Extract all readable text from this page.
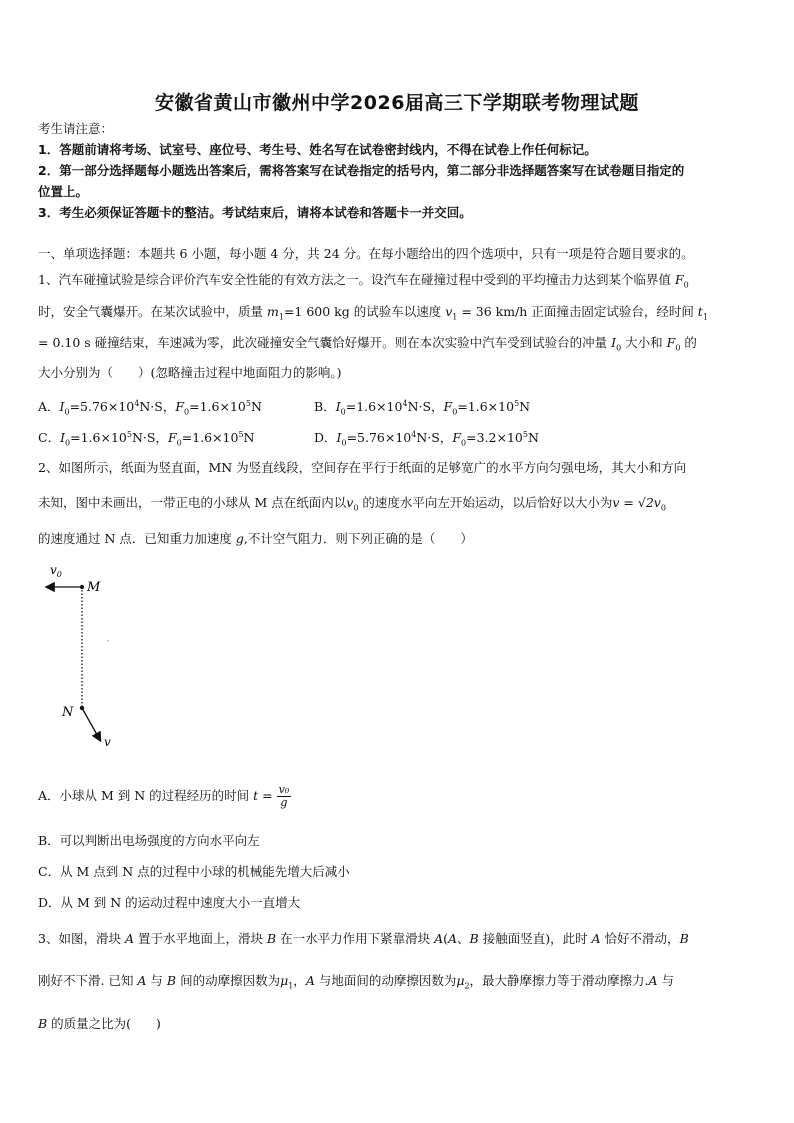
安徽省黄山市徽州中学2026届高三下学期联考物理试题
考生请注意：
1．答题前请将考场、试室号、座位号、考生号、姓名写在试卷密封线内，不得在试卷上作任何标记。
2．第一部分选择题每小题选出答案后，需将答案写在试卷指定的括号内，第二部分非选择题答案写在试卷题目指定的
位置上。
3．考生必须保证答题卡的整洁。考试结束后，请将本试卷和答题卡一并交回。
一、单项选择题：本题共 6 小题，每小题 4 分，共 24 分。在每小题给出的四个选项中，只有一项是符合题目要求的。
1、汽车碰撞试验是综合评价汽车安全性能的有效方法之一。设汽车在碰撞过程中受到的平均撞击力达到某个临界值 $F_0$
时，安全气囊爆开。在某次试验中，质量 $m_1=1$ 600 kg 的试验车以速度 $v_1 = 36$ km/h 正面撞击固定试验台，经时间 $t_1$
= 0.10 s 碰撞结束，车速减为零，此次碰撞安全气囊恰好爆开。则在本次实验中汽车受到试验台的冲量 $I_0$ 大小和 $F_0$ 的
大小分别为（　　）(忽略撞击过程中地面阻力的影响。)
A．$I_0=5.76\times 10^4N\cdot S$，$F_0=1.6\times 10^5N$	B．$I_0=1.6\times 10^4N\cdot S$，$F_0=1.6\times 10^5N$
C．$I_0=1.6\times 10^5N\cdot S$，$F_0=1.6\times 10^5N$	D．$I_0=5.76\times 10^4N\cdot S$，$F_0=3.2\times 10^5N$
2、如图所示，纸面为竖直面，MN 为竖直线段，空间存在平行于纸面的足够宽广的水平方向匀强电场，其大小和方向
未知，图中未画出，一带正电的小球从 M 点在纸面内以$v_0$ 的速度水平向左开始运动，以后恰好以大小为$v = √2v_0$
的速度通过 N 点．已知重力加速度 g,不计空气阻力．则下列正确的是（　　）
$v_0$
M
N
v
A．小球从 M 到 N 的过程经历的时间 $t = \frac{\text{v₀}}{g}$
B．可以判断出电场强度的方向水平向左
C．从 M 点到 N 点的过程中小球的机械能先增大后减小
D．从 M 到 N 的运动过程中速度大小一直增大
3、如图，滑块 A 置于水平地面上，滑块 B 在一水平力作用下紧靠滑块 A(A、B 接触面竖直)，此时 A 恰好不滑动，B
刚好不下滑. 已知 A 与 B 间的动摩擦因数为$\mu_1$，A 与地面间的动摩擦因数为$\mu_2$，最大静摩擦力等于滑动摩擦力.A 与
B 的质量之比为(　　)
